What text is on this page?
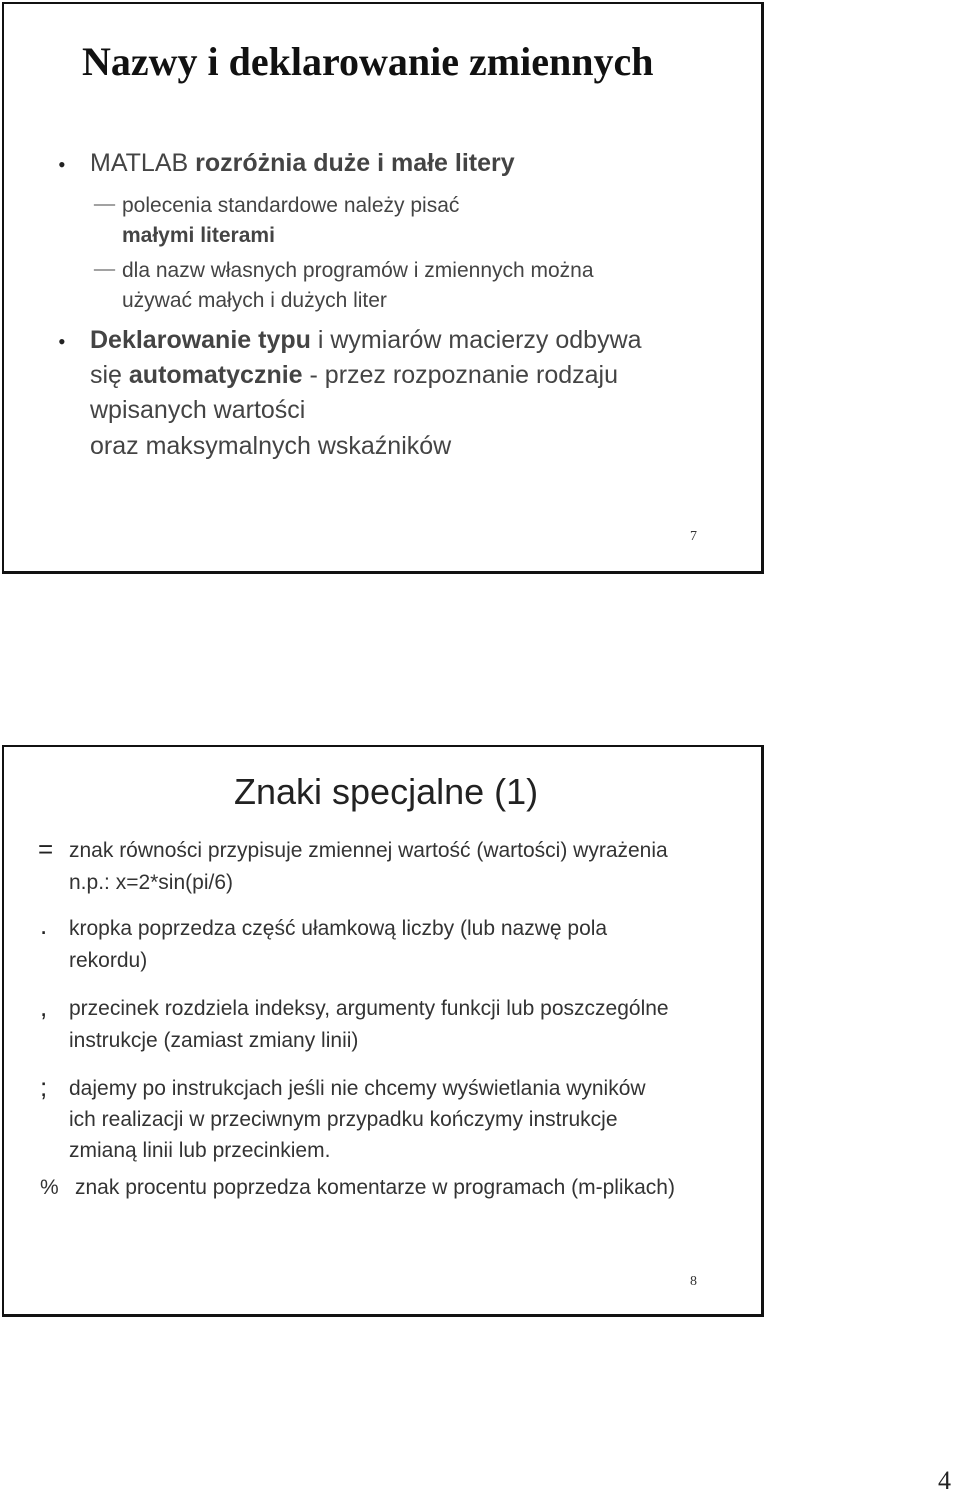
Nazwy i deklarowanie zmiennych
• MATLAB rozróżnia duże i małe litery
— polecenia standardowe należy pisać
małymi literami
— dla nazw własnych programów i zmiennych można
używać małych i dużych liter
• Deklarowanie typu i wymiarów macierzy odbywa
się automatycznie - przez rozpoznanie rodzaju
wpisanych wartości
oraz maksymalnych wskaźników
7
Znaki specjalne (1)
= znak równości przypisuje zmiennej wartość (wartości) wyrażenia
n.p.: x=2*sin(pi/6)
. kropka poprzedza część ułamkową liczby (lub nazwę pola
rekordu)
, przecinek rozdziela indeksy, argumenty funkcji lub poszczególne
instrukcje (zamiast zmiany linii)
; dajemy po instrukcjach jeśli nie chcemy wyświetlania wyników
ich realizacji w przeciwnym przypadku kończymy instrukcje
zmianą linii lub przecinkiem.
% znak procentu poprzedza komentarze w programach (m-plikach)
8
4
